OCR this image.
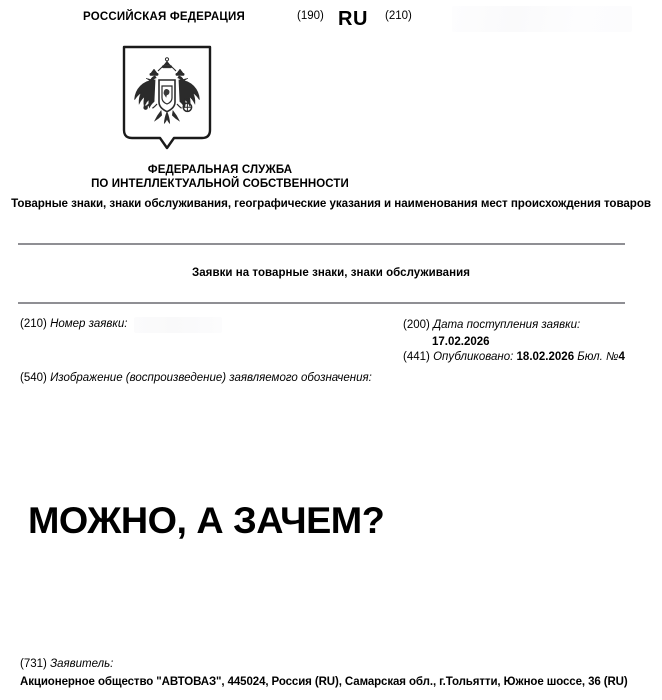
РОССИЙСКАЯ ФЕДЕРАЦИЯ	(190) RU (210)
ФЕДЕРАЛЬНАЯ СЛУЖБА
ПО ИНТЕЛЛЕКТУАЛЬНОЙ СОБСТВЕННОСТИ
Товарные знаки, знаки обслуживания, географические указания и наименования мест происхождения товаров
Заявки на товарные знаки, знаки обслуживания
(210) Номер заявки:	(200) Дата поступления заявки:
17.02.2026
(441) Опубликовано: 18.02.2026 Бюл. №4
(540) Изображение (воспроизведение) заявляемого обозначения:
МОЖНО, А ЗАЧЕМ?
(731) Заявитель:
Акционерное общество "АВТОВАЗ", 445024, Россия (RU), Самарская обл., г.Тольятти, Южное шоссе, 36 (RU)
